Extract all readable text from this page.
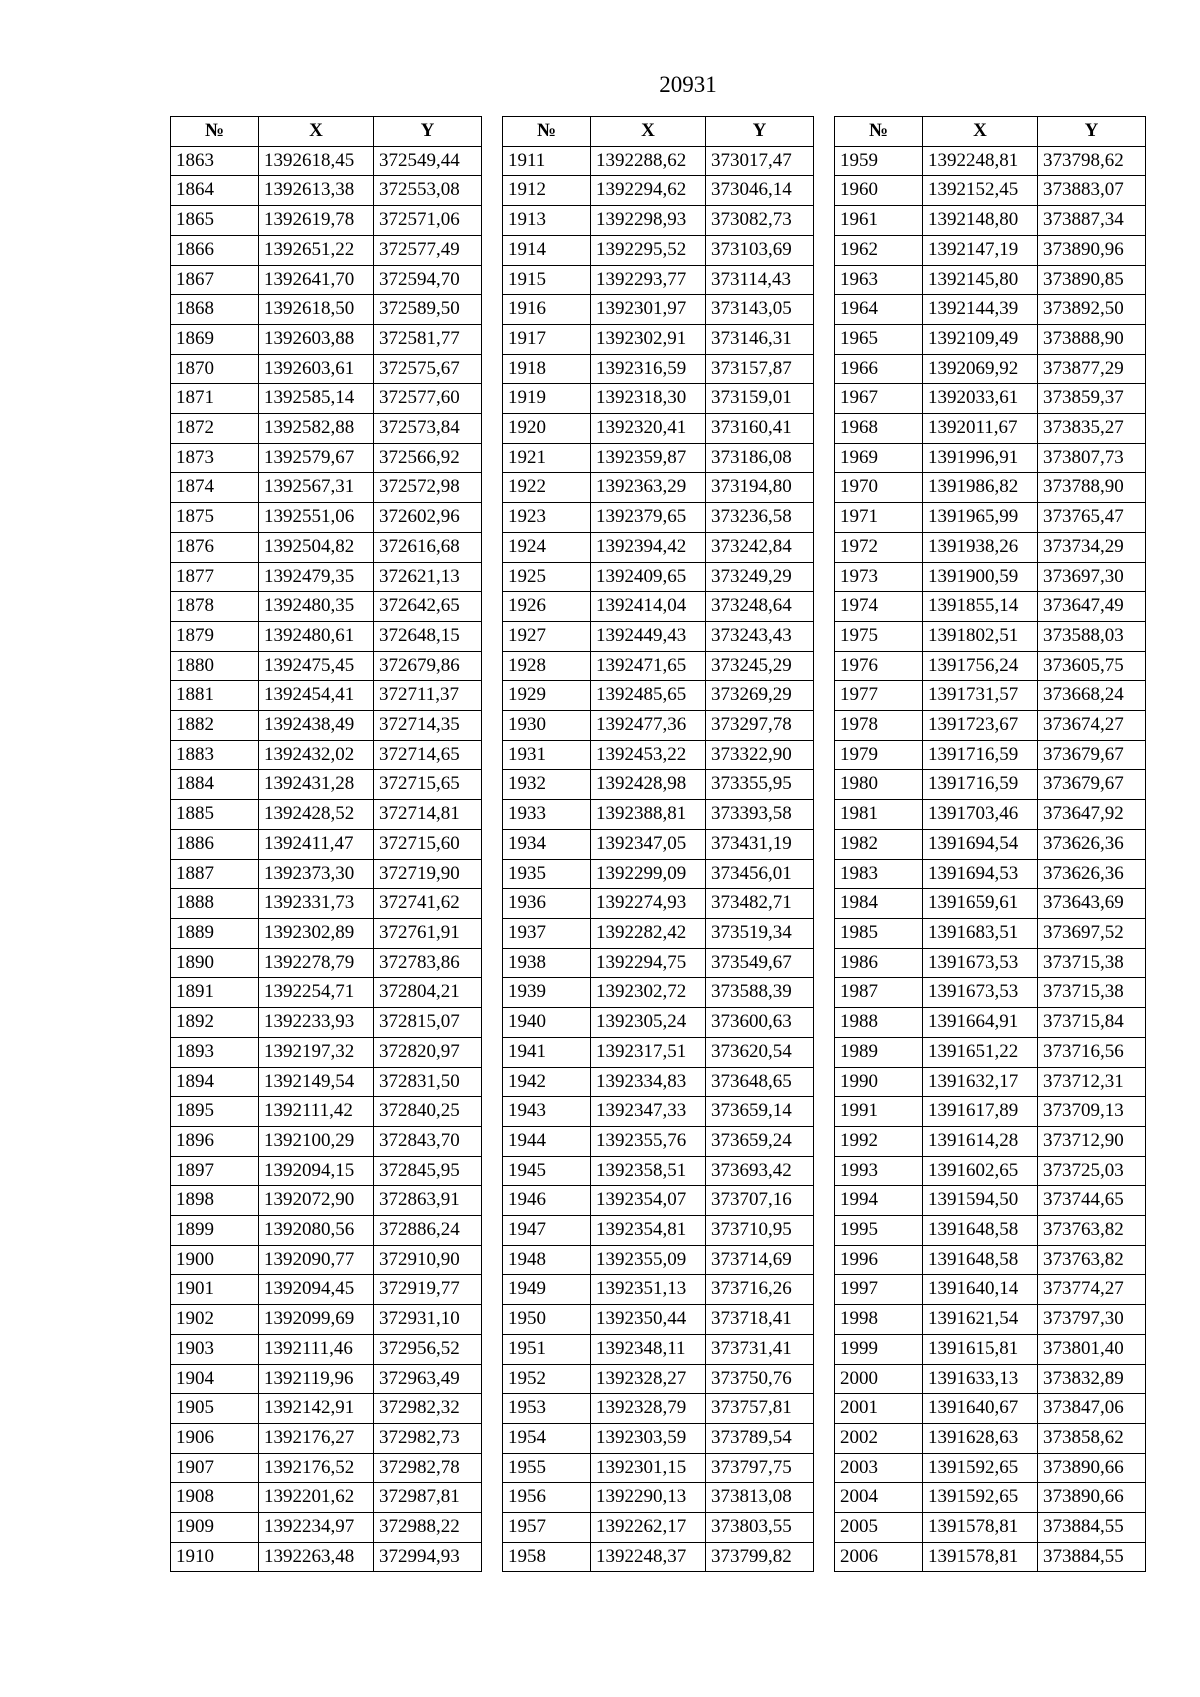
20931
№	X	Y
1863	1392618,45	372549,44
1864	1392613,38	372553,08
1865	1392619,78	372571,06
1866	1392651,22	372577,49
1867	1392641,70	372594,70
1868	1392618,50	372589,50
1869	1392603,88	372581,77
1870	1392603,61	372575,67
1871	1392585,14	372577,60
1872	1392582,88	372573,84
1873	1392579,67	372566,92
1874	1392567,31	372572,98
1875	1392551,06	372602,96
1876	1392504,82	372616,68
1877	1392479,35	372621,13
1878	1392480,35	372642,65
1879	1392480,61	372648,15
1880	1392475,45	372679,86
1881	1392454,41	372711,37
1882	1392438,49	372714,35
1883	1392432,02	372714,65
1884	1392431,28	372715,65
1885	1392428,52	372714,81
1886	1392411,47	372715,60
1887	1392373,30	372719,90
1888	1392331,73	372741,62
1889	1392302,89	372761,91
1890	1392278,79	372783,86
1891	1392254,71	372804,21
1892	1392233,93	372815,07
1893	1392197,32	372820,97
1894	1392149,54	372831,50
1895	1392111,42	372840,25
1896	1392100,29	372843,70
1897	1392094,15	372845,95
1898	1392072,90	372863,91
1899	1392080,56	372886,24
1900	1392090,77	372910,90
1901	1392094,45	372919,77
1902	1392099,69	372931,10
1903	1392111,46	372956,52
1904	1392119,96	372963,49
1905	1392142,91	372982,32
1906	1392176,27	372982,73
1907	1392176,52	372982,78
1908	1392201,62	372987,81
1909	1392234,97	372988,22
1910	1392263,48	372994,93
№	X	Y
1911	1392288,62	373017,47
1912	1392294,62	373046,14
1913	1392298,93	373082,73
1914	1392295,52	373103,69
1915	1392293,77	373114,43
1916	1392301,97	373143,05
1917	1392302,91	373146,31
1918	1392316,59	373157,87
1919	1392318,30	373159,01
1920	1392320,41	373160,41
1921	1392359,87	373186,08
1922	1392363,29	373194,80
1923	1392379,65	373236,58
1924	1392394,42	373242,84
1925	1392409,65	373249,29
1926	1392414,04	373248,64
1927	1392449,43	373243,43
1928	1392471,65	373245,29
1929	1392485,65	373269,29
1930	1392477,36	373297,78
1931	1392453,22	373322,90
1932	1392428,98	373355,95
1933	1392388,81	373393,58
1934	1392347,05	373431,19
1935	1392299,09	373456,01
1936	1392274,93	373482,71
1937	1392282,42	373519,34
1938	1392294,75	373549,67
1939	1392302,72	373588,39
1940	1392305,24	373600,63
1941	1392317,51	373620,54
1942	1392334,83	373648,65
1943	1392347,33	373659,14
1944	1392355,76	373659,24
1945	1392358,51	373693,42
1946	1392354,07	373707,16
1947	1392354,81	373710,95
1948	1392355,09	373714,69
1949	1392351,13	373716,26
1950	1392350,44	373718,41
1951	1392348,11	373731,41
1952	1392328,27	373750,76
1953	1392328,79	373757,81
1954	1392303,59	373789,54
1955	1392301,15	373797,75
1956	1392290,13	373813,08
1957	1392262,17	373803,55
1958	1392248,37	373799,82
№	X	Y
1959	1392248,81	373798,62
1960	1392152,45	373883,07
1961	1392148,80	373887,34
1962	1392147,19	373890,96
1963	1392145,80	373890,85
1964	1392144,39	373892,50
1965	1392109,49	373888,90
1966	1392069,92	373877,29
1967	1392033,61	373859,37
1968	1392011,67	373835,27
1969	1391996,91	373807,73
1970	1391986,82	373788,90
1971	1391965,99	373765,47
1972	1391938,26	373734,29
1973	1391900,59	373697,30
1974	1391855,14	373647,49
1975	1391802,51	373588,03
1976	1391756,24	373605,75
1977	1391731,57	373668,24
1978	1391723,67	373674,27
1979	1391716,59	373679,67
1980	1391716,59	373679,67
1981	1391703,46	373647,92
1982	1391694,54	373626,36
1983	1391694,53	373626,36
1984	1391659,61	373643,69
1985	1391683,51	373697,52
1986	1391673,53	373715,38
1987	1391673,53	373715,38
1988	1391664,91	373715,84
1989	1391651,22	373716,56
1990	1391632,17	373712,31
1991	1391617,89	373709,13
1992	1391614,28	373712,90
1993	1391602,65	373725,03
1994	1391594,50	373744,65
1995	1391648,58	373763,82
1996	1391648,58	373763,82
1997	1391640,14	373774,27
1998	1391621,54	373797,30
1999	1391615,81	373801,40
2000	1391633,13	373832,89
2001	1391640,67	373847,06
2002	1391628,63	373858,62
2003	1391592,65	373890,66
2004	1391592,65	373890,66
2005	1391578,81	373884,55
2006	1391578,81	373884,55
